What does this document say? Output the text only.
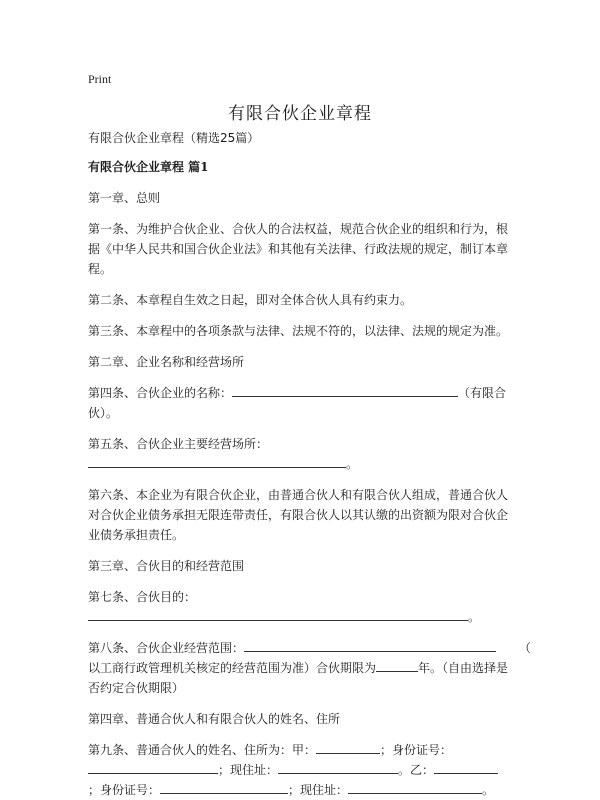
Print
有限合伙企业章程

有限合伙企业章程（精选25篇）

有限合伙企业章程 篇1

第一章、总则

第一条、为维护合伙企业、合伙人的合法权益，规范合伙企业的组织和行为，根据《中华人民共和国合伙企业法》和其他有关法律、行政法规的规定，制订本章程。

第二条、本章程自生效之日起，即对全体合伙人具有约束力。

第三条、本章程中的各项条款与法律、法规不符的，以法律、法规的规定为准。

第二章、企业名称和经营场所

第四条、合伙企业的名称：	（有限合
伙）。

第五条、合伙企业主要经营场所：
。

第六条、本企业为有限合伙企业，由普通合伙人和有限合伙人组成，普通合伙人对合伙企业债务承担无限连带责任，有限合伙人以其认缴的出资额为限对合伙企业债务承担责任。

第三章、合伙目的和经营范围

第七条、合伙目的：
。

第八条、合伙企业经营范围：	（
以工商行政管理机关核定的经营范围为准）合伙期限为	年。（自由选择是
否约定合伙期限）

第四章、普通合伙人和有限合伙人的姓名、住所

第九条、普通合伙人的姓名、住所为：甲：	；身份证号：
；现住址：	。乙：
；身份证号：	；现住址：	。
